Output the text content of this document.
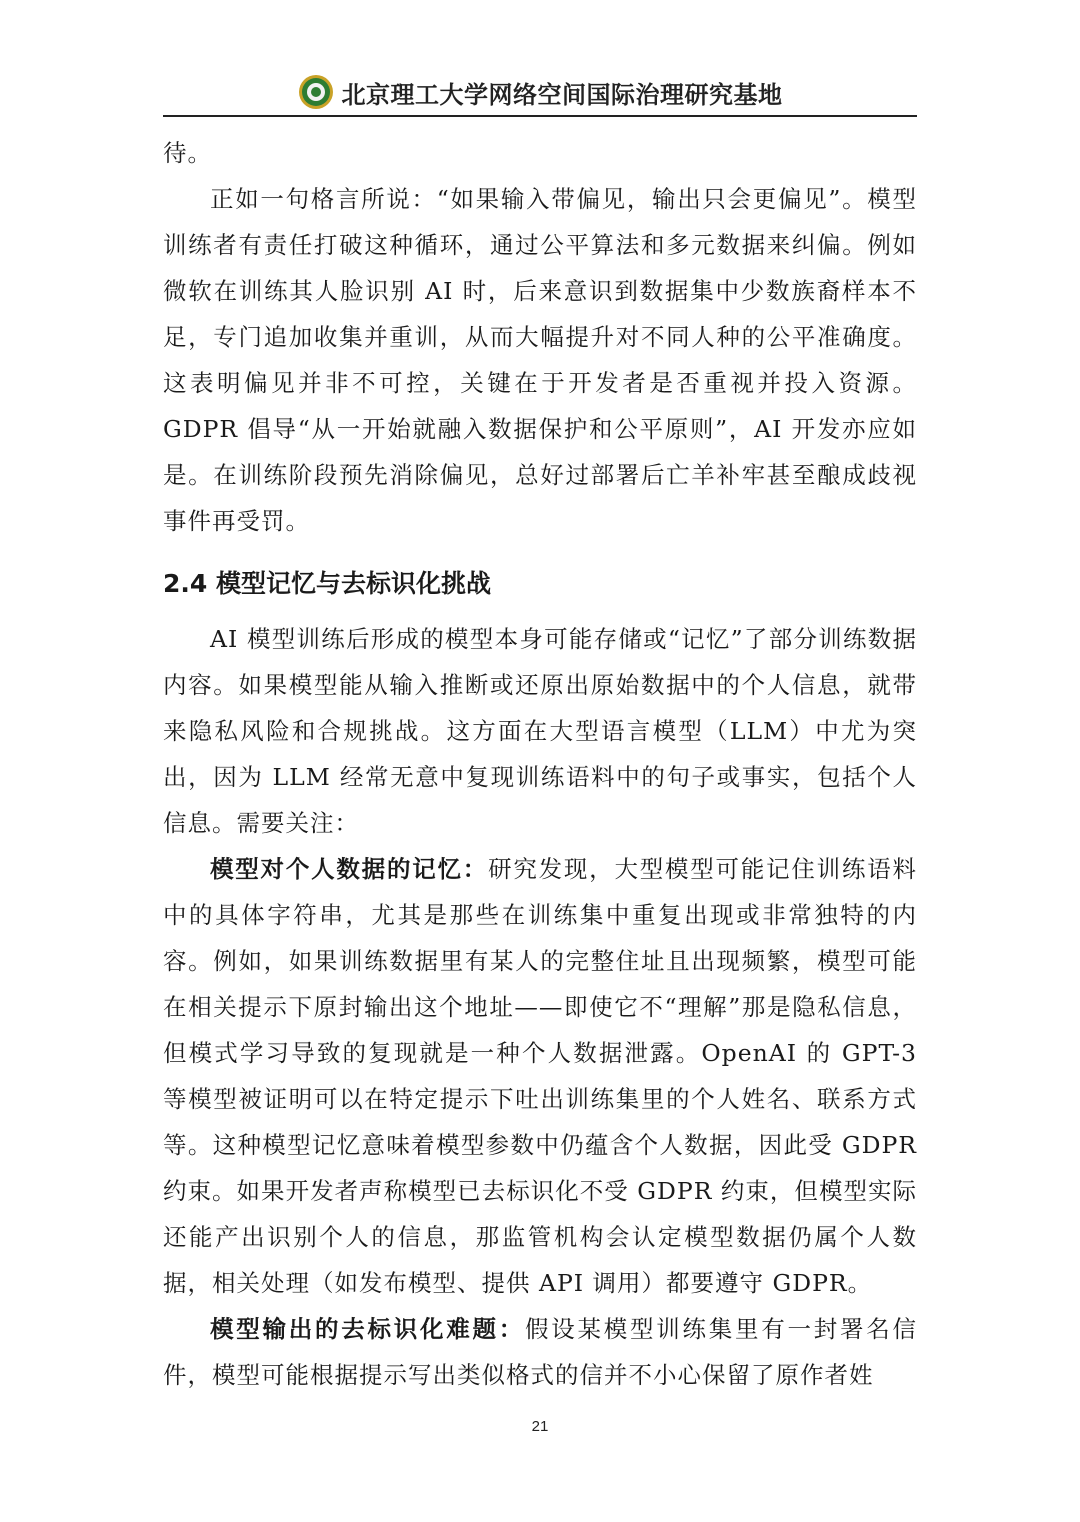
北京理工大学网络空间国际治理研究基地

待。

正如一句格言所说：“如果输入带偏见，输出只会更偏见”。模型训练者有责任打破这种循环，通过公平算法和多元数据来纠偏。例如微软在训练其人脸识别 AI 时，后来意识到数据集中少数族裔样本不足，专门追加收集并重训，从而大幅提升对不同人种的公平准确度。这表明偏见并非不可控，关键在于开发者是否重视并投入资源。GDPR 倡导“从一开始就融入数据保护和公平原则”，AI 开发亦应如是。在训练阶段预先消除偏见，总好过部署后亡羊补牢甚至酿成歧视事件再受罚。

2.4 模型记忆与去标识化挑战

AI 模型训练后形成的模型本身可能存储或“记忆”了部分训练数据内容。如果模型能从输入推断或还原出原始数据中的个人信息，就带来隐私风险和合规挑战。这方面在大型语言模型（LLM）中尤为突出，因为 LLM 经常无意中复现训练语料中的句子或事实，包括个人信息。需要关注：

模型对个人数据的记忆：研究发现，大型模型可能记住训练语料中的具体字符串，尤其是那些在训练集中重复出现或非常独特的内容。例如，如果训练数据里有某人的完整住址且出现频繁，模型可能在相关提示下原封输出这个地址——即使它不“理解”那是隐私信息，但模式学习导致的复现就是一种个人数据泄露。OpenAI 的 GPT-3 等模型被证明可以在特定提示下吐出训练集里的个人姓名、联系方式等。这种模型记忆意味着模型参数中仍蕴含个人数据，因此受 GDPR 约束。如果开发者声称模型已去标识化不受 GDPR 约束，但模型实际还能产出识别个人的信息，那监管机构会认定模型数据仍属个人数据，相关处理（如发布模型、提供 API 调用）都要遵守 GDPR。

模型输出的去标识化难题：假设某模型训练集里有一封署名信件，模型可能根据提示写出类似格式的信并不小心保留了原作者姓

21
